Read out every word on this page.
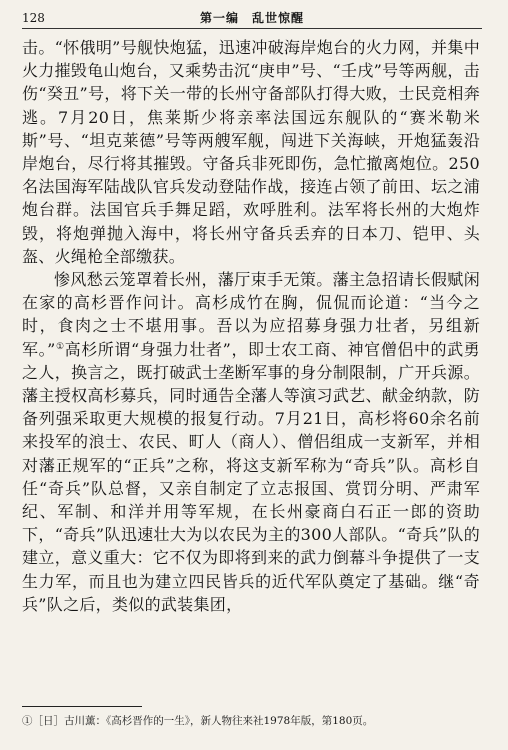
128	第一编　乱世惊醒

击。“怀俄明”号舰快炮猛，迅速冲破海岸炮台的火力网，并集中火力摧毁龟山炮台，又乘势击沉“庚申”号、“壬戌”号等两舰，击伤“癸丑”号，将下关一带的长州守备部队打得大败，士民竞相奔逃。7月20日，焦莱斯少将亲率法国远东舰队的“赛米勒米斯”号、“坦克莱德”号等两艘军舰，闯进下关海峡，开炮猛轰沿岸炮台，尽行将其摧毁。守备兵非死即伤，急忙撤离炮位。250名法国海军陆战队官兵发动登陆作战，接连占领了前田、坛之浦炮台群。法国官兵手舞足蹈，欢呼胜利。法军将长州的大炮炸毁，将炮弹抛入海中，将长州守备兵丢弃的日本刀、铠甲、头盔、火绳枪全部缴获。

惨风愁云笼罩着长州，藩厅束手无策。藩主急招请长假赋闲在家的高杉晋作问计。高杉成竹在胸，侃侃而论道：“当今之时，食肉之士不堪用事。吾以为应招募身强力壮者，另组新军。”①高杉所谓“身强力壮者”，即士农工商、神官僧侣中的武勇之人，换言之，既打破武士垄断军事的身分制限制，广开兵源。藩主授权高杉募兵，同时通告全藩人等演习武艺、献金纳款，防备列强采取更大规模的报复行动。7月21日，高杉将60余名前来投军的浪士、农民、町人（商人）、僧侣组成一支新军，并相对藩正规军的“正兵”之称，将这支新军称为“奇兵”队。高杉自任“奇兵”队总督，又亲自制定了立志报国、赏罚分明、严肃军纪、军制、和洋并用等军规，在长州豪商白石正一郎的资助下，“奇兵”队迅速壮大为以农民为主的300人部队。“奇兵”队的建立，意义重大：它不仅为即将到来的武力倒幕斗争提供了一支生力军，而且也为建立四民皆兵的近代军队奠定了基础。继“奇兵”队之后，类似的武装集团，

①［日］古川薰：《高杉晋作的一生》，新人物往来社1978年版，第180页。
